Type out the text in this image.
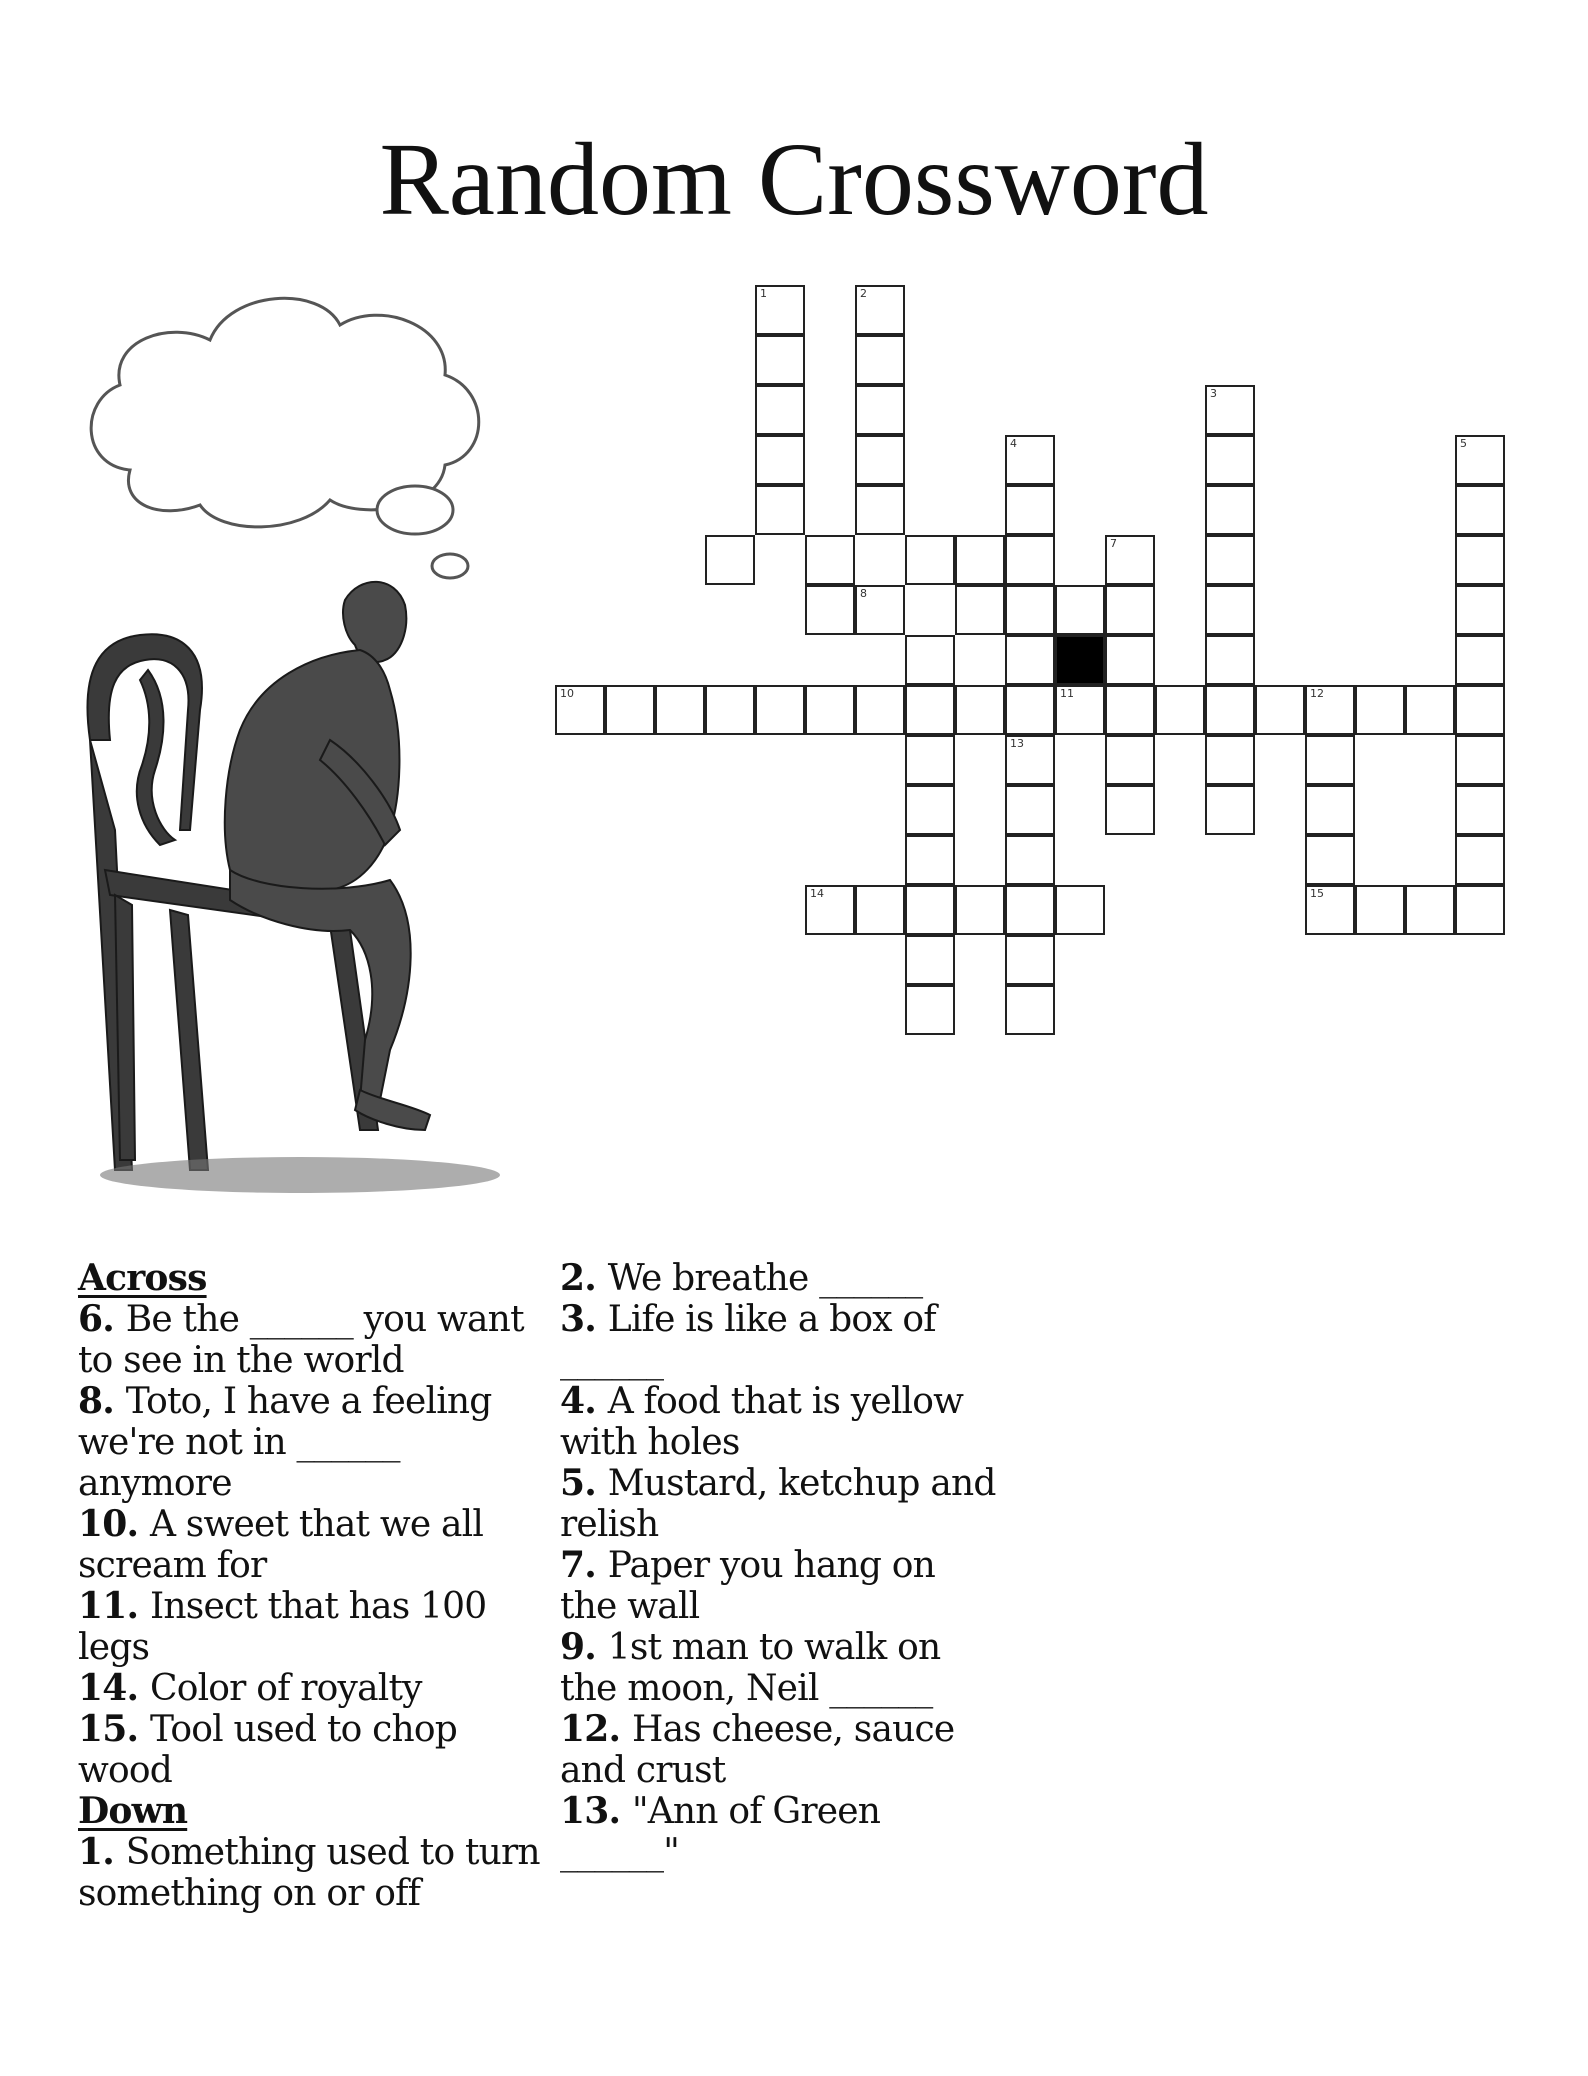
Random Crossword
1	2
3
4
13
5
7
8
10	11	12
14	15
Across
6. Be the ______ you want to see in the world
8. Toto, I have a feeling we're not in ______ anymore
10. A sweet that we all scream for
11. Insect that has 100 legs
14. Color of royalty
15. Tool used to chop wood
Down
1. Something used to turn something on or off
2. We breathe ______
3. Life is like a box of ______
4. A food that is yellow with holes
5. Mustard, ketchup and relish
7. Paper you hang on the wall
9. 1st man to walk on the moon, Neil ______
12. Has cheese, sauce and crust
13. "Ann of Green ______"
